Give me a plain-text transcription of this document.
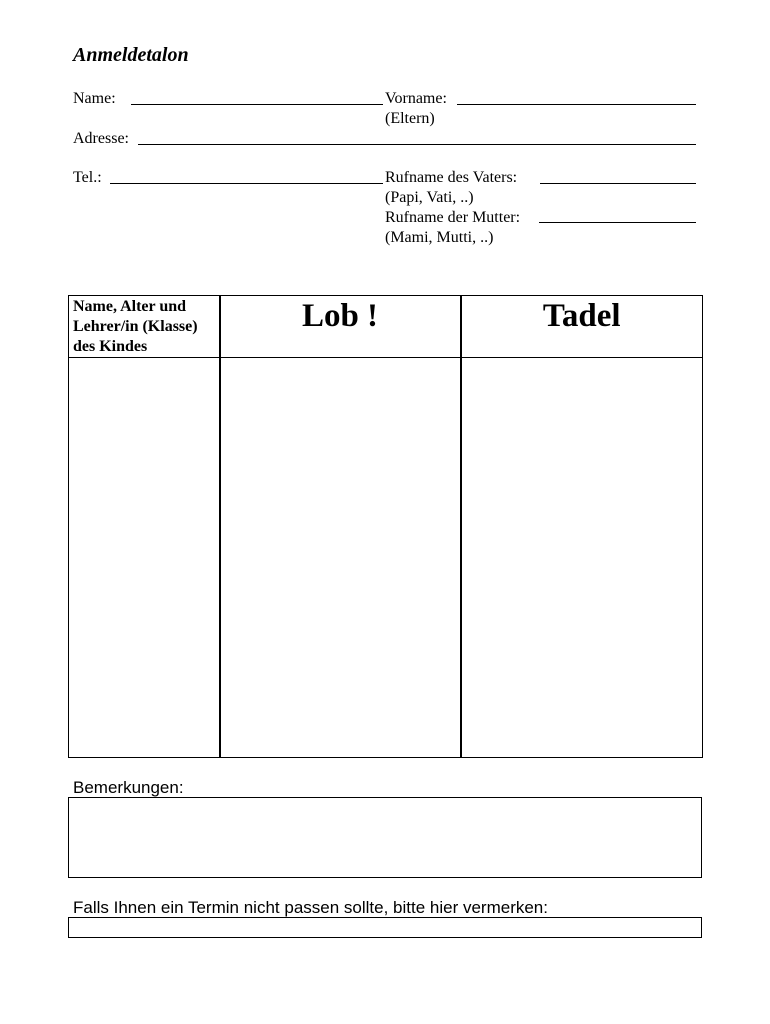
Anmeldetalon
Name:	Vorname:
(Eltern)
Adresse:
Tel.:	Rufname des Vaters:
(Papi, Vati, ..)
Rufname der Mutter:
(Mami, Mutti, ..)
Name, Alter und
Lehrer/in (Klasse)
des Kindes	Lob !	Tadel

Bemerkungen:
Falls Ihnen ein Termin nicht passen sollte, bitte hier vermerken:
